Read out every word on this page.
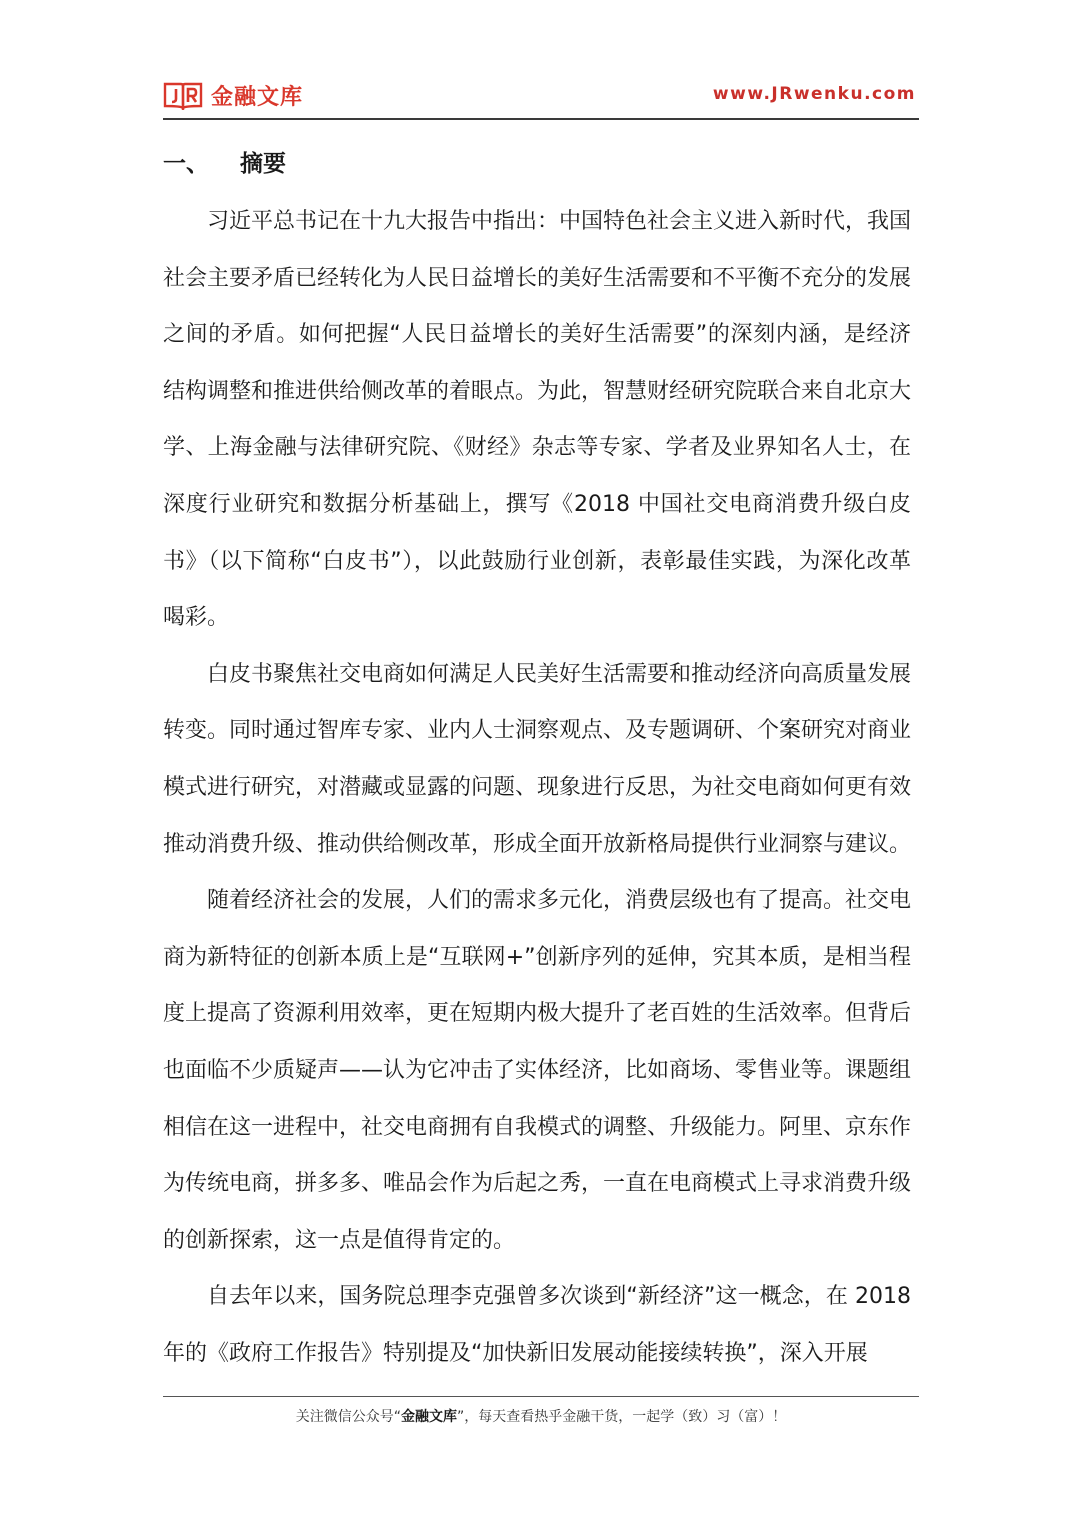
金融文库	www.JRwenku.com
一、 摘要

习近平总书记在十九大报告中指出：中国特色社会主义进入新时代，我国社会主要矛盾已经转化为人民日益增长的美好生活需要和不平衡不充分的发展之间的矛盾。如何把握“人民日益增长的美好生活需要”的深刻内涵，是经济结构调整和推进供给侧改革的着眼点。为此，智慧财经研究院联合来自北京大学、上海金融与法律研究院、《财经》杂志等专家、学者及业界知名人士，在深度行业研究和数据分析基础上，撰写《2018 中国社交电商消费升级白皮书》（以下简称“白皮书”），以此鼓励行业创新，表彰最佳实践，为深化改革喝彩。

白皮书聚焦社交电商如何满足人民美好生活需要和推动经济向高质量发展转变。同时通过智库专家、业内人士洞察观点、及专题调研、个案研究对商业模式进行研究，对潜藏或显露的问题、现象进行反思，为社交电商如何更有效推动消费升级、推动供给侧改革，形成全面开放新格局提供行业洞察与建议。

随着经济社会的发展，人们的需求多元化，消费层级也有了提高。社交电商为新特征的创新本质上是“互联网+”创新序列的延伸，究其本质，是相当程度上提高了资源利用效率，更在短期内极大提升了老百姓的生活效率。但背后也面临不少质疑声——认为它冲击了实体经济，比如商场、零售业等。课题组相信在这一进程中，社交电商拥有自我模式的调整、升级能力。阿里、京东作为传统电商，拼多多、唯品会作为后起之秀，一直在电商模式上寻求消费升级的创新探索，这一点是值得肯定的。

自去年以来，国务院总理李克强曾多次谈到“新经济”这一概念，在 2018 年的《政府工作报告》特别提及“加快新旧发展动能接续转换”，深入开展

关注微信公众号“金融文库”，每天查看热乎金融干货，一起学（致）习（富）！
